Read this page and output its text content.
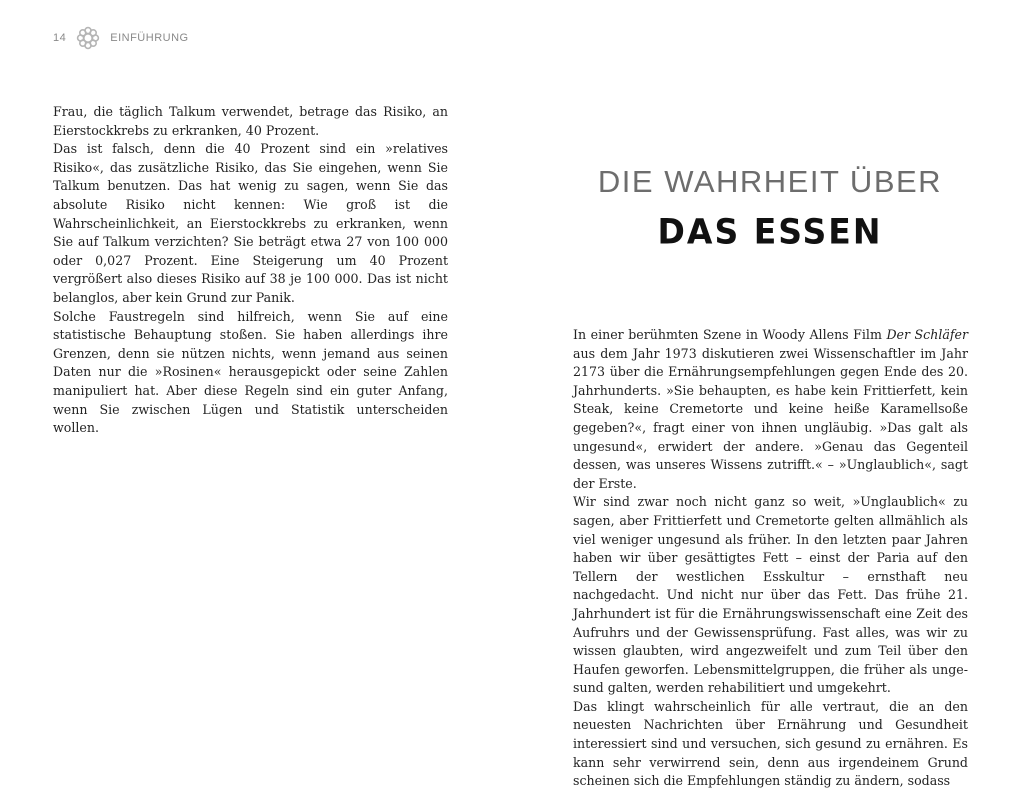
14	EINFÜHRUNG

Frau, die täglich Talkum verwendet, betrage das Risiko, an Eierstockkrebs zu erkranken, 40 Prozent.

Das ist falsch, denn die 40 Prozent sind ein »relatives Risiko«, das zusätzliche Risiko, das Sie eingehen, wenn Sie Talkum benutzen. Das hat wenig zu sagen, wenn Sie das absolute Risiko nicht kennen: Wie groß ist die Wahrscheinlichkeit, an Eierstockkrebs zu erkranken, wenn Sie auf Talkum verzichten? Sie beträgt etwa 27 von 100 000 oder 0,027 Prozent. Eine Steigerung um 40 Prozent vergrößert also dieses Risiko auf 38 je 100 000. Das ist nicht belanglos, aber kein Grund zur Panik.

Solche Faustregeln sind hilfreich, wenn Sie auf eine statistische Behauptung stoßen. Sie haben allerdings ihre Grenzen, denn sie nützen nichts, wenn jemand aus seinen Daten nur die »Rosinen« herausgepickt oder seine Zahlen manipuliert hat. Aber diese Regeln sind ein guter Anfang, wenn Sie zwischen Lügen und Statistik unterscheiden wollen.

DIE WAHRHEIT ÜBER
DAS ESSEN

In einer berühmten Szene in Woody Allens Film Der Schläfer aus dem Jahr 1973 diskutieren zwei Wissenschaftler im Jahr 2173 über die Ernährungsempfehlungen gegen Ende des 20. Jahrhunderts. »Sie behaupten, es habe kein Frittierfett, kein Steak, keine Cremetorte und keine heiße Karamellsoße gegeben?«, fragt einer von ihnen ungläubig. »Das galt als ungesund«, erwidert der andere. »Genau das Gegenteil dessen, was unseres Wissens zutrifft.« – »Unglaublich«, sagt der Erste.

Wir sind zwar noch nicht ganz so weit, »Unglaublich« zu sagen, aber Frittierfett und Cremetorte gelten allmählich als viel weniger ungesund als früher. In den letzten paar Jahren haben wir über gesättigtes Fett – einst der Paria auf den Tellern der westlichen Esskultur – ernsthaft neu nachgedacht. Und nicht nur über das Fett. Das frühe 21. Jahrhundert ist für die Ernährungswissenschaft eine Zeit des Aufruhrs und der Gewissensprüfung. Fast alles, was wir zu wissen glaubten, wird angezweifelt und zum Teil über den Haufen geworfen. Lebensmittelgruppen, die früher als ungesund galten, werden rehabilitiert und umgekehrt.

Das klingt wahrscheinlich für alle vertraut, die an den neuesten Nachrichten über Ernährung und Gesundheit interessiert sind und versuchen, sich gesund zu ernähren. Es kann sehr verwirrend sein, denn aus irgendeinem Grund scheinen sich die Empfehlungen ständig zu ändern, sodass
